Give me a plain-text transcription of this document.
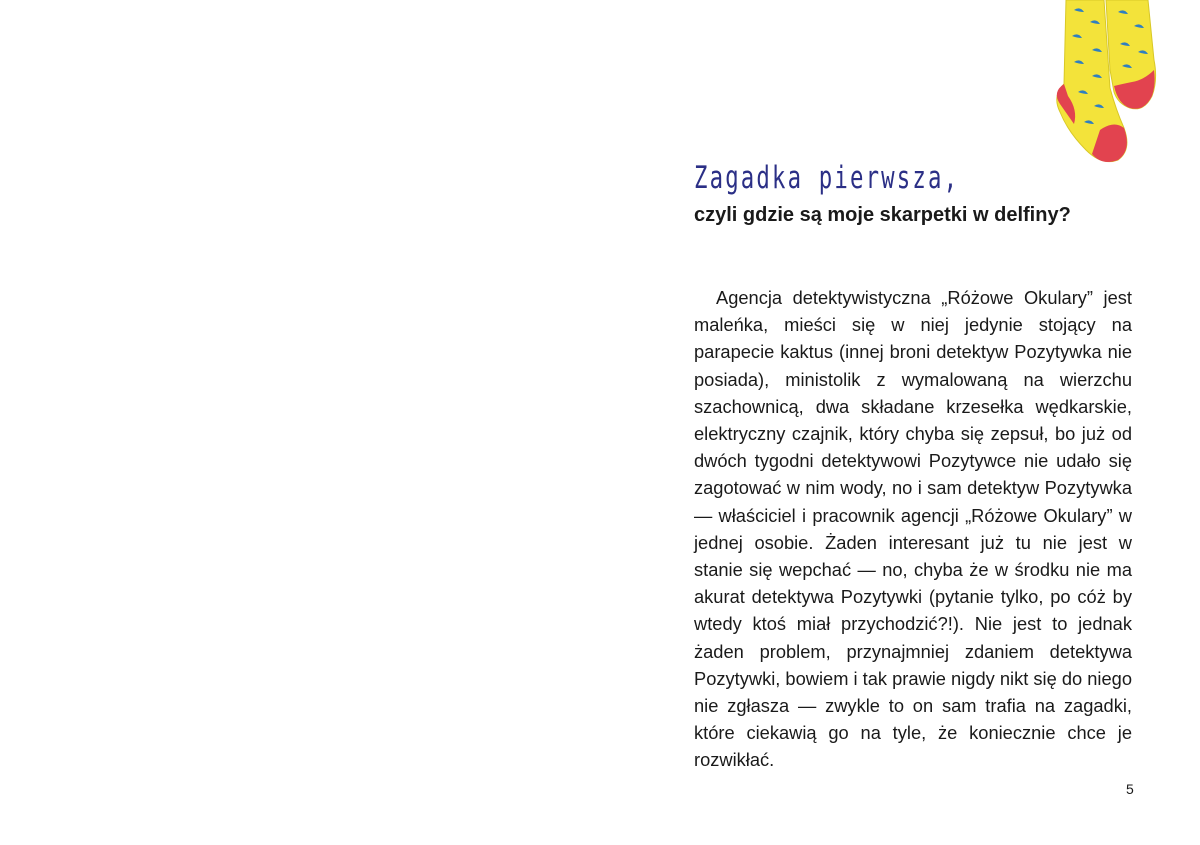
Zagadka pierwsza,
czyli gdzie są moje skarpetki w delfiny?

Agencja detektywistyczna „Różowe Okulary” jest maleńka, mieści się w niej jedynie stojący na parapecie kaktus (innej broni detektyw Pozytywka nie posiada), ministolik z wymalowaną na wierzchu szachownicą, dwa składane krzesełka wędkarskie, elektryczny czajnik, który chyba się zepsuł, bo już od dwóch tygodni detektywowi Pozytywce nie udało się zagotować w nim wody, no i sam detektyw Pozytywka — właściciel i pracownik agencji „Różowe Okulary” w jednej osobie. Żaden interesant już tu nie jest w stanie się wepchać — no, chyba że w środku nie ma akurat detektywa Pozytywki (pytanie tylko, po cóż by wtedy ktoś miał przychodzić?!). Nie jest to jednak żaden problem, przynajmniej zdaniem detektywa Pozytywki, bowiem i tak prawie nigdy nikt się do niego nie zgłasza — zwykle to on sam trafia na zagadki, które ciekawią go na tyle, że koniecznie chce je rozwikłać.

5
